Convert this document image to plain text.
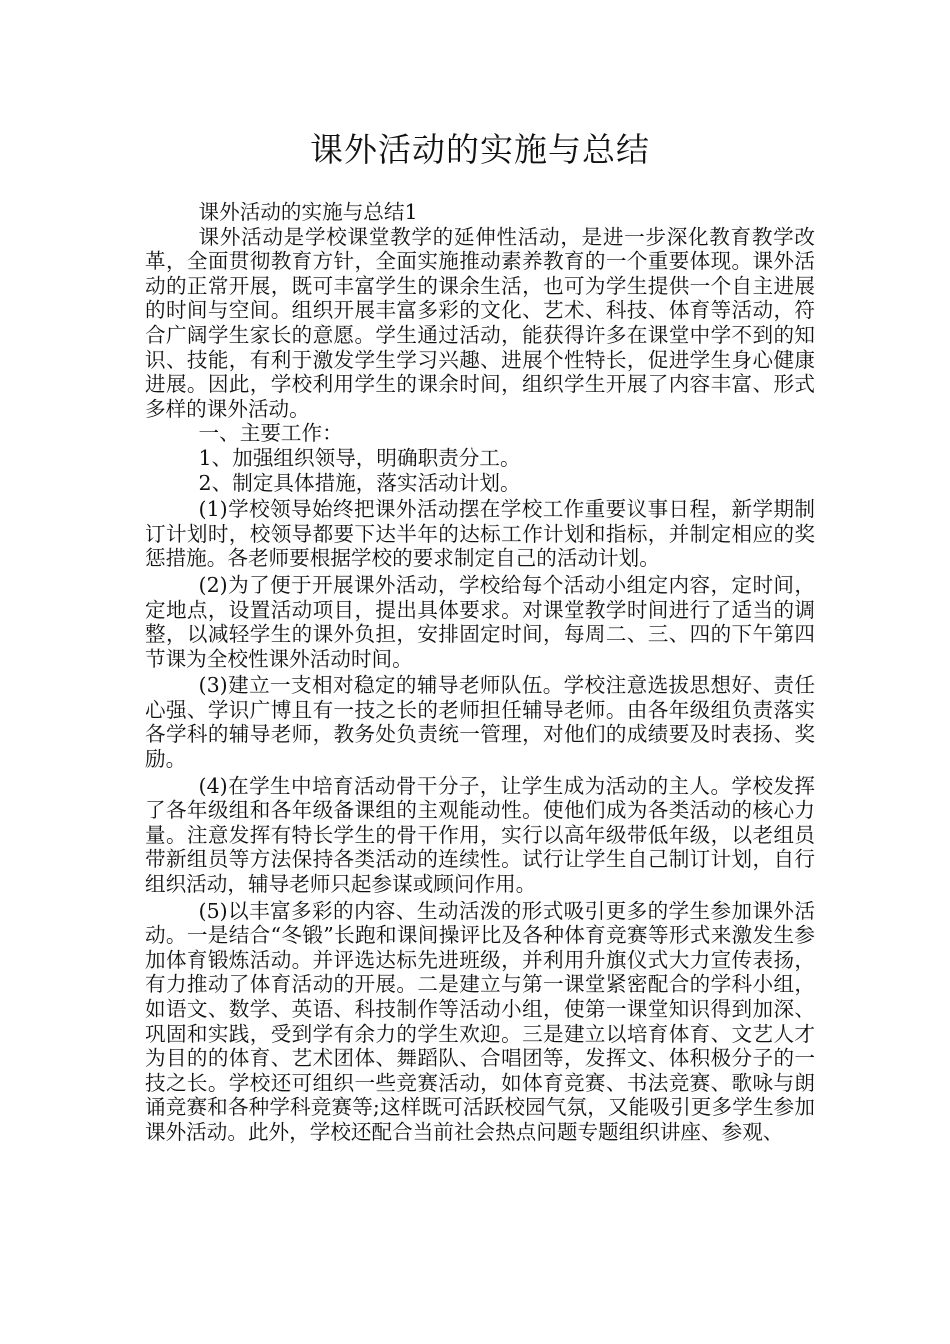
课外活动的实施与总结

课外活动的实施与总结1

课外活动是学校课堂教学的延伸性活动，是进一步深化教育教学改革，全面贯彻教育方针，全面实施推动素养教育的一个重要体现。课外活动的正常开展，既可丰富学生的课余生活，也可为学生提供一个自主进展的时间与空间。组织开展丰富多彩的文化、艺术、科技、体育等活动，符合广阔学生家长的意愿。学生通过活动，能获得许多在课堂中学不到的知识、技能，有利于激发学生学习兴趣、进展个性特长，促进学生身心健康进展。因此，学校利用学生的课余时间，组织学生开展了内容丰富、形式多样的课外活动。

一、主要工作：

1、加强组织领导，明确职责分工。

2、制定具体措施，落实活动计划。

(1)学校领导始终把课外活动摆在学校工作重要议事日程，新学期制订计划时，校领导都要下达半年的达标工作计划和指标，并制定相应的奖惩措施。各老师要根据学校的要求制定自己的活动计划。

(2)为了便于开展课外活动，学校给每个活动小组定内容，定时间，定地点，设置活动项目，提出具体要求。对课堂教学时间进行了适当的调整，以减轻学生的课外负担，安排固定时间，每周二、三、四的下午第四节课为全校性课外活动时间。

(3)建立一支相对稳定的辅导老师队伍。学校注意选拔思想好、责任心强、学识广博且有一技之长的老师担任辅导老师。由各年级组负责落实各学科的辅导老师，教务处负责统一管理，对他们的成绩要及时表扬、奖励。

(4)在学生中培育活动骨干分子，让学生成为活动的主人。学校发挥了各年级组和各年级备课组的主观能动性。使他们成为各类活动的核心力量。注意发挥有特长学生的骨干作用，实行以高年级带低年级，以老组员带新组员等方法保持各类活动的连续性。试行让学生自己制订计划，自行组织活动，辅导老师只起参谋或顾问作用。

(5)以丰富多彩的内容、生动活泼的形式吸引更多的学生参加课外活动。一是结合“冬锻”长跑和课间操评比及各种体育竞赛等形式来激发生参加体育锻炼活动。并评选达标先进班级，并利用升旗仪式大力宣传表扬，有力推动了体育活动的开展。二是建立与第一课堂紧密配合的学科小组，如语文、数学、英语、科技制作等活动小组，使第一课堂知识得到加深、巩固和实践，受到学有余力的学生欢迎。三是建立以培育体育、文艺人才为目的的体育、艺术团体、舞蹈队、合唱团等，发挥文、体积极分子的一技之长。学校还可组织一些竞赛活动，如体育竞赛、书法竞赛、歌咏与朗诵竞赛和各种学科竞赛等;这样既可活跃校园气氛，又能吸引更多学生参加课外活动。此外，学校还配合当前社会热点问题专题组织讲座、参观、
